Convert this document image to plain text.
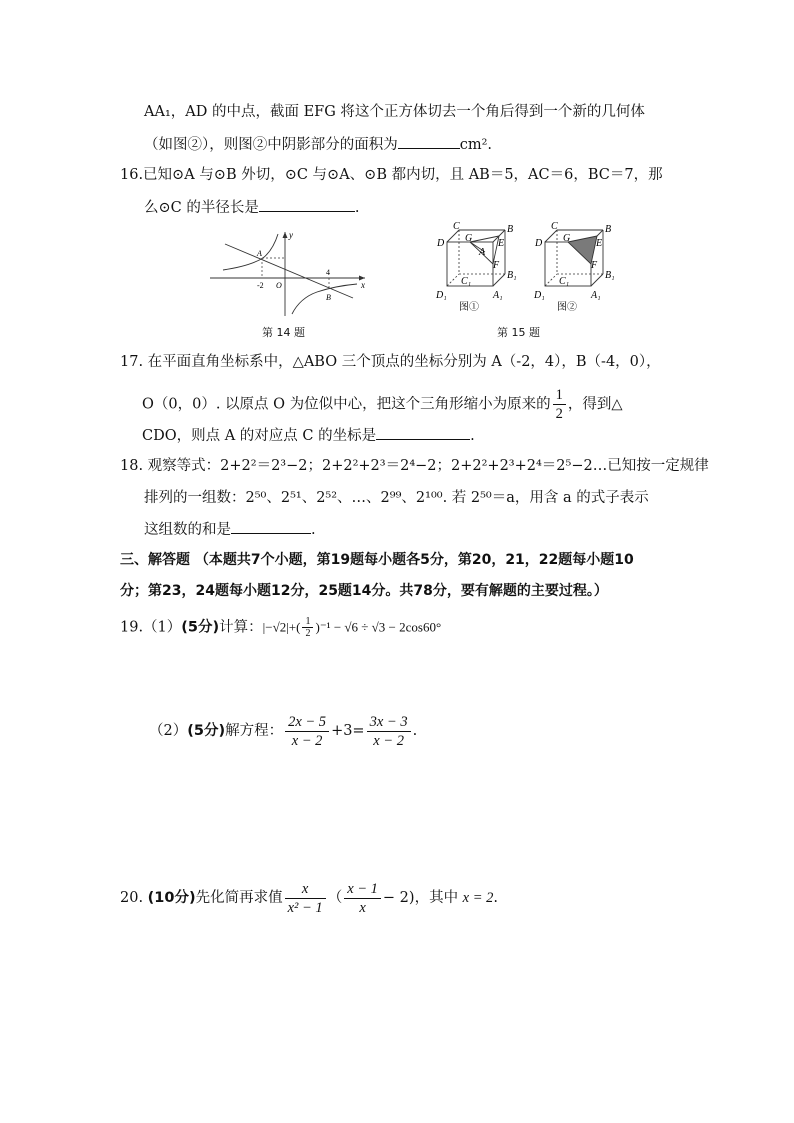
AA₁，AD 的中点，截面 EFG 将这个正方体切去一个角后得到一个新的几何体
（如图②），则图②中阴影部分的面积为	cm².
16.已知⊙A 与⊙B 外切，⊙C 与⊙A、⊙B 都内切，且 AB＝5，AC＝6，BC＝7，那
么⊙C 的半径长是	.
y
x
A
B
O
-2
4
第 14 题
C	B
D G	E
A
F
C₁
B₁
D₁	A₁
图①
C	B
D G	E
F
C₁
B₁
D₁	A₁
图②
第 15 题
17. 在平面直角坐标系中，△ABO 三个顶点的坐标分别为 A（-2，4），B（-4，0），
O（0，0）. 以原点 O 为位似中心，把这个三角形缩小为原来的 $\frac{1}{2}$ ，得到△
CDO，则点 A 的对应点 C 的坐标是	.
18. 观察等式：2+2²＝2³−2；2+2²+2³＝2⁴−2；2+2²+2³+2⁴＝2⁵−2…已知按一定规律
排列的一组数：2⁵⁰、2⁵¹、2⁵²、…、2⁹⁹、2¹⁰⁰. 若 2⁵⁰＝a，用含 a 的式子表示
这组数的和是	.
三、解答题 （本题共7个小题，第19题每小题各5分，第20，21，22题每小题10
分；第23，24题每小题12分，25题14分。共78分，要有解题的主要过程。）
19.（1）(5分)计算：$|-√2|+( \frac{1}{2} )^{-1} - √6 \div √3 - 2\cos 60^\circ$
（2）(5分)解方程： $\frac{2x - 5}{x - 2} +3= \frac{3x - 3}{x - 2}$ .
20. (10分)先化简再求值 $\frac{x}{\text{x² − 1}}$ （ $\frac{x - 1}{x} - 2$)，其中 x = 2.
